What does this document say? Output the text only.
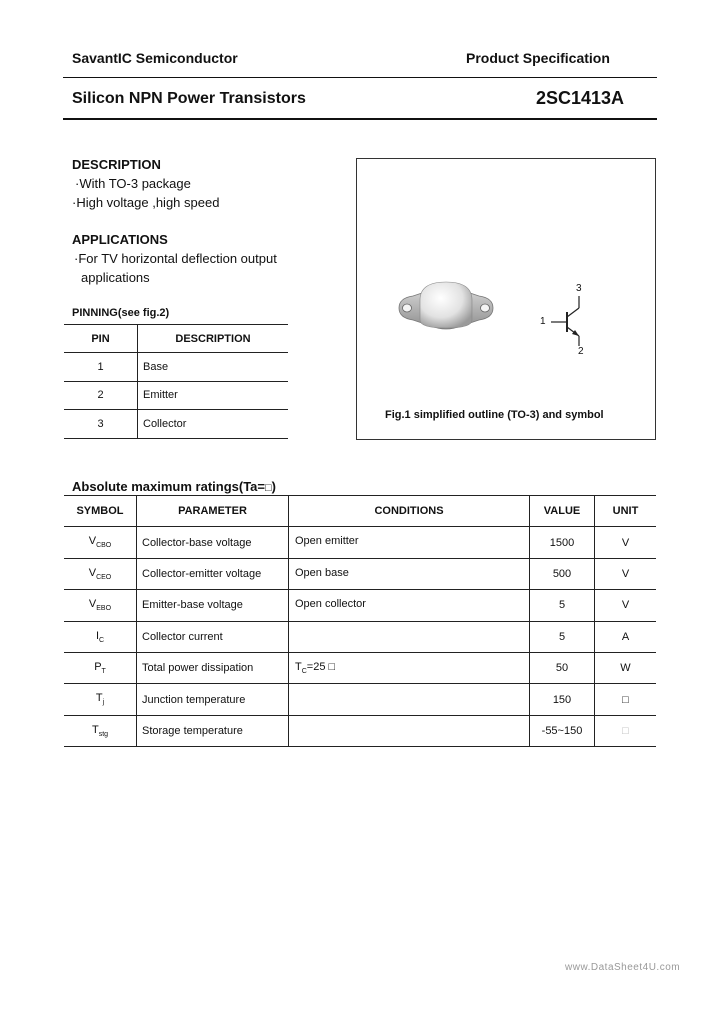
SavantIC Semiconductor	Product Specification
Silicon NPN Power Transistors	2SC1413A
DESCRIPTION
·With TO-3 package
·High voltage ,high speed
APPLICATIONS
·For TV horizontal deflection output
applications
PINNING(see fig.2)
PIN	DESCRIPTION
1	Base
2	Emitter
3	Collector
3
1
2
Fig.1 simplified outline (TO-3) and symbol
Absolute maximum ratings(Ta=□)
SYMBOL	PARAMETER	CONDITIONS	VALUE	UNIT
$V_{CBO}$	Collector-base voltage	Open emitter	1500	V
$V_{CEO}$	Collector-emitter voltage	Open base	500	V
$V_{EBO}$	Emitter-base voltage	Open collector	5	V
$I_C$	Collector current		5	A
$P_T$	Total power dissipation	$T_C=25$ □	50	W
$T_j$	Junction temperature		150	□
$T_{stg}$	Storage temperature		-55~150	□
www.DataSheet4U.com
